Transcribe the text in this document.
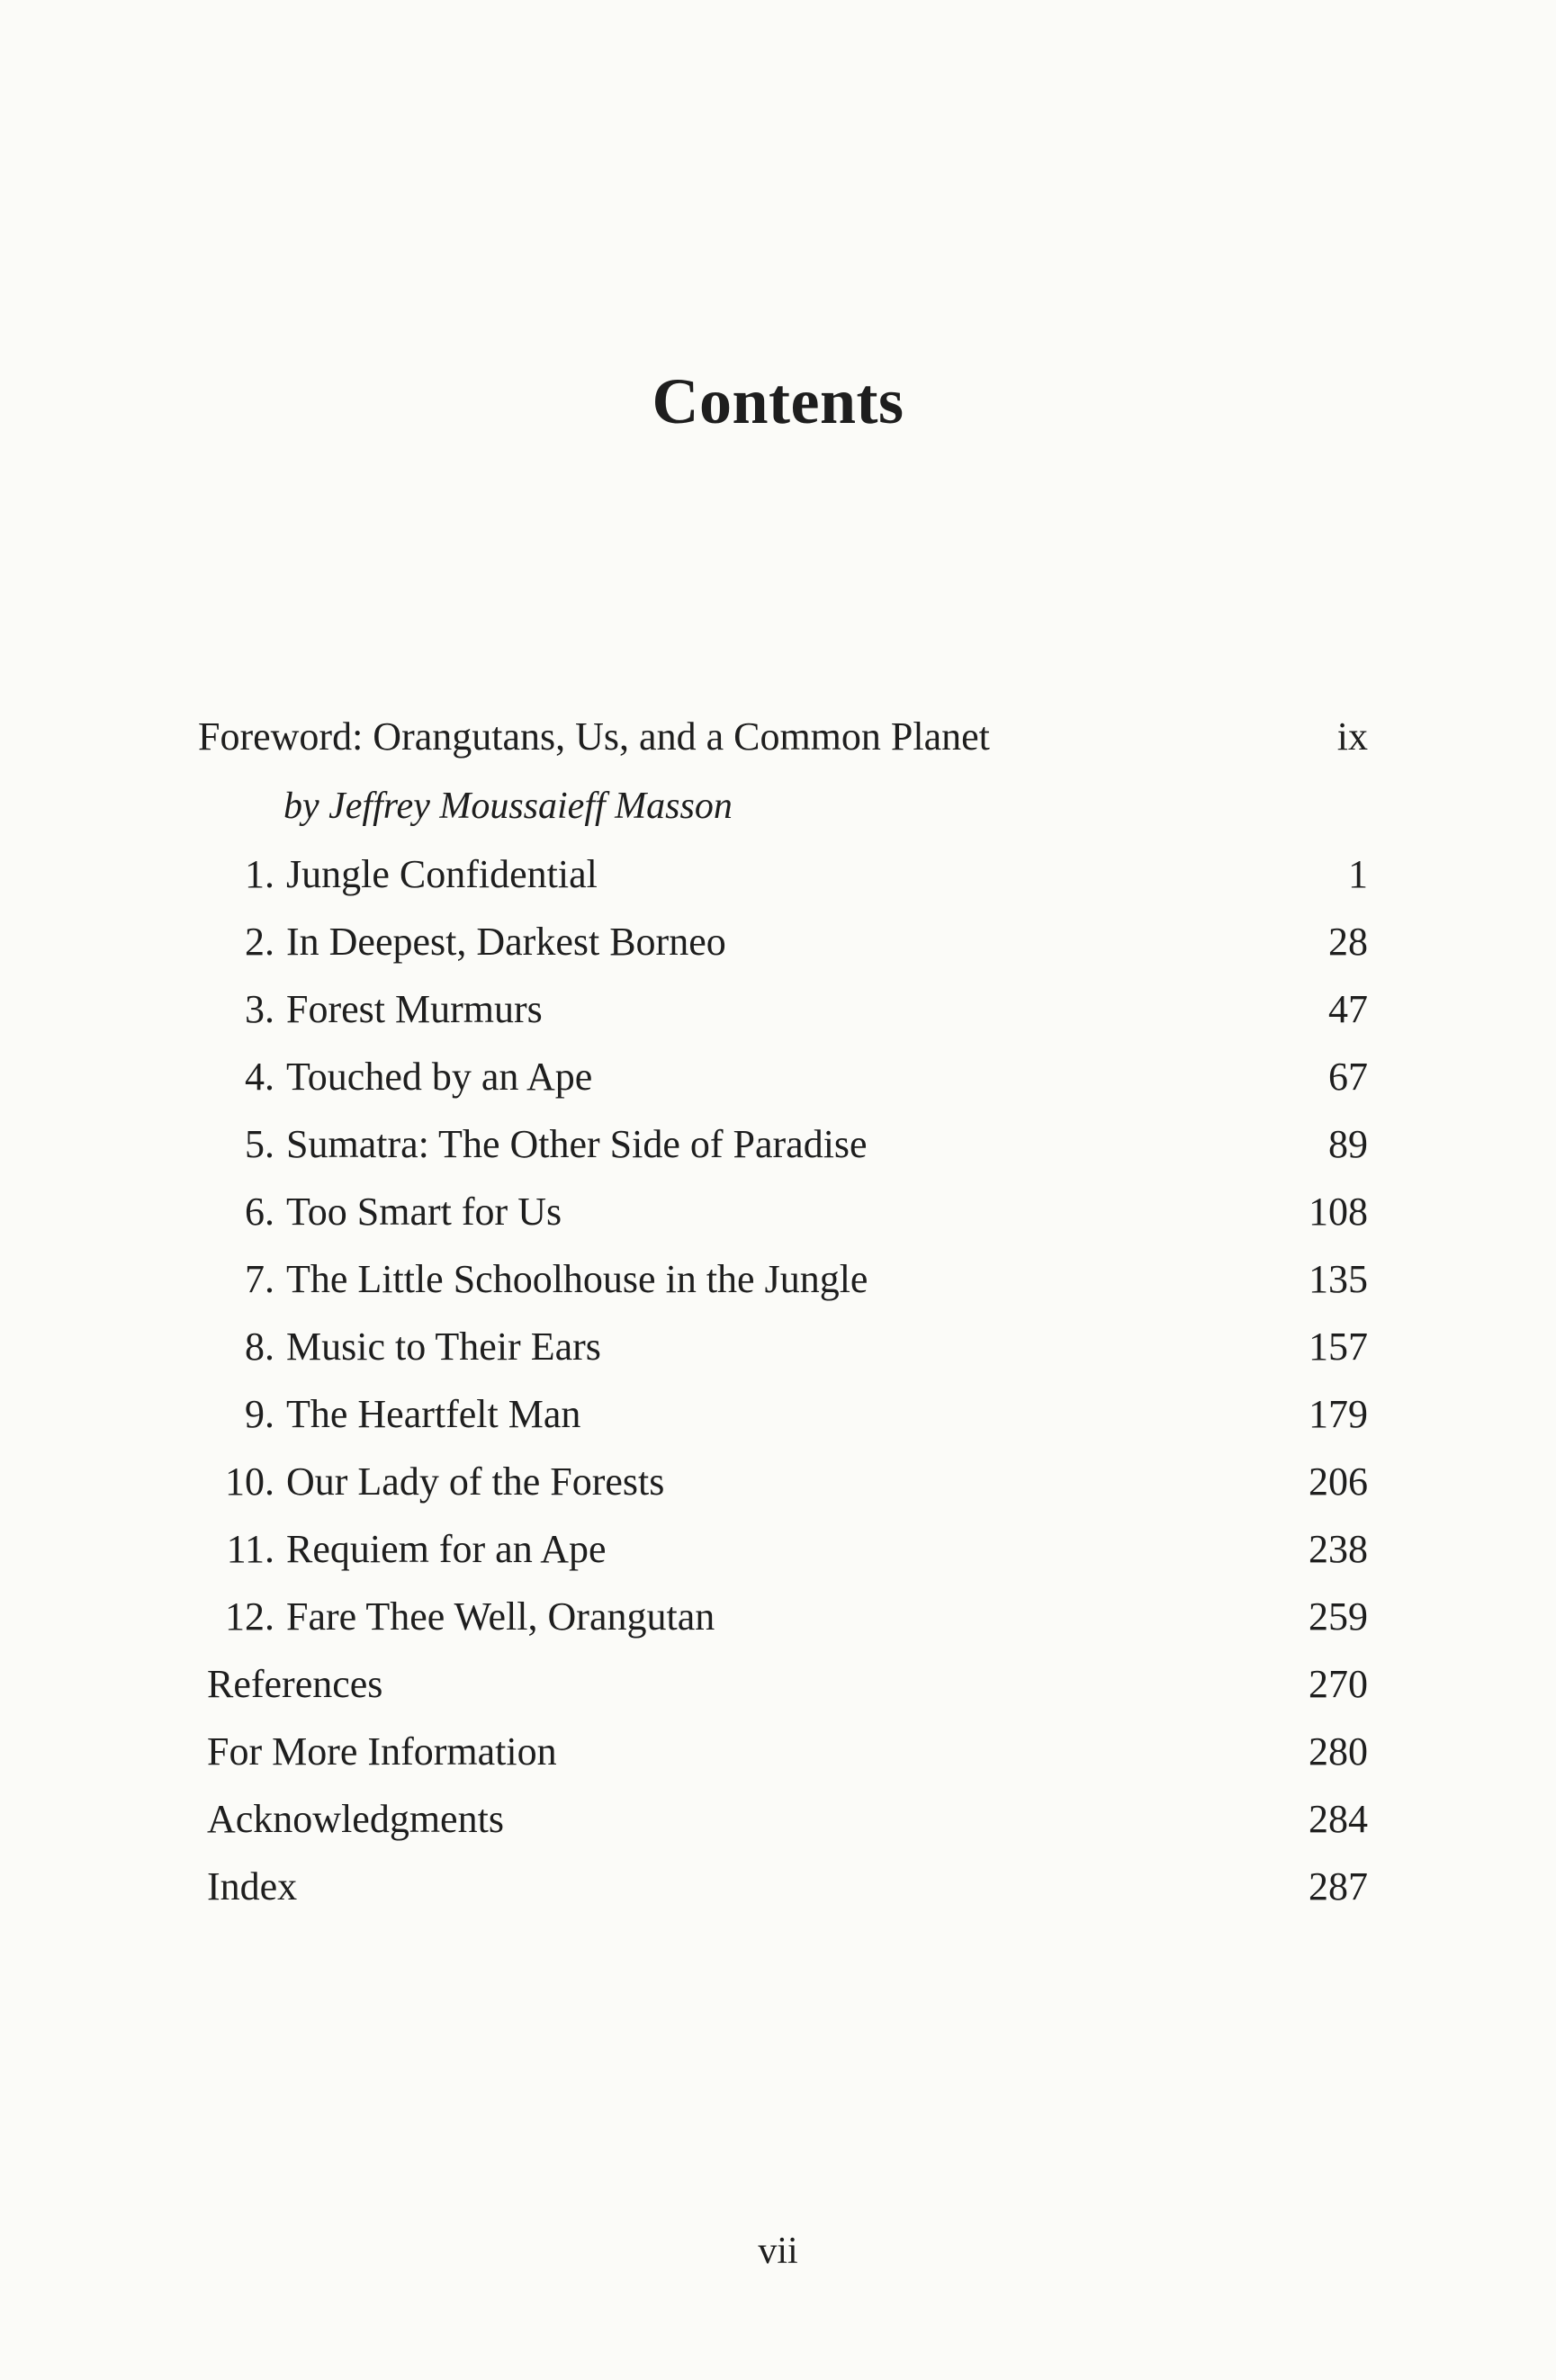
Contents
Foreword: Orangutans, Us, and a Common Planet	ix
by Jeffrey Moussaieff Masson
1. Jungle Confidential	1
2. In Deepest, Darkest Borneo	28
3. Forest Murmurs	47
4. Touched by an Ape	67
5. Sumatra: The Other Side of Paradise	89
6. Too Smart for Us	108
7. The Little Schoolhouse in the Jungle	135
8. Music to Their Ears	157
9. The Heartfelt Man	179
10. Our Lady of the Forests	206
11. Requiem for an Ape	238
12. Fare Thee Well, Orangutan	259
References	270
For More Information	280
Acknowledgments	284
Index	287
vii
